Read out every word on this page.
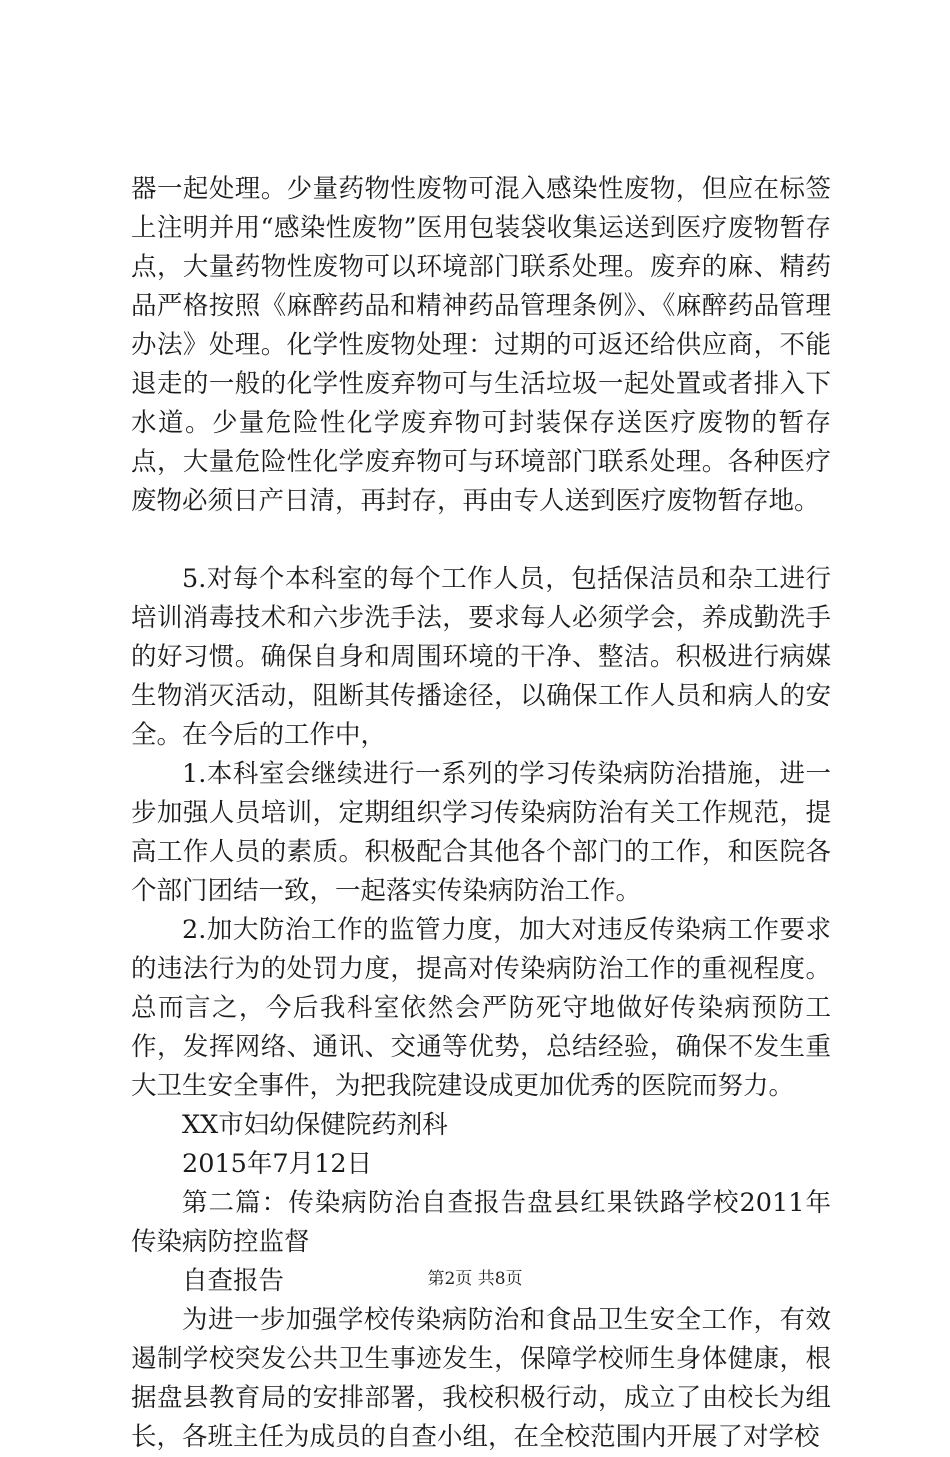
器一起处理。少量药物性废物可混入感染性废物，但应在标签上注明并用“感染性废物”医用包装袋收集运送到医疗废物暂存点，大量药物性废物可以环境部门联系处理。废弃的麻、精药品严格按照《麻醉药品和精神药品管理条例》、《麻醉药品管理办法》处理。化学性废物处理：过期的可返还给供应商，不能退走的一般的化学性废弃物可与生活垃圾一起处置或者排入下水道。少量危险性化学废弃物可封装保存送医疗废物的暂存点，大量危险性化学废弃物可与环境部门联系处理。各种医疗废物必须日产日清，再封存，再由专人送到医疗废物暂存地。

5.对每个本科室的每个工作人员，包括保洁员和杂工进行培训消毒技术和六步洗手法，要求每人必须学会，养成勤洗手的好习惯。确保自身和周围环境的干净、整洁。积极进行病媒生物消灭活动，阻断其传播途径，以确保工作人员和病人的安全。在今后的工作中，

1.本科室会继续进行一系列的学习传染病防治措施，进一步加强人员培训，定期组织学习传染病防治有关工作规范，提高工作人员的素质。积极配合其他各个部门的工作，和医院各个部门团结一致，一起落实传染病防治工作。

2.加大防治工作的监管力度，加大对违反传染病工作要求的违法行为的处罚力度，提高对传染病防治工作的重视程度。总而言之，今后我科室依然会严防死守地做好传染病预防工作，发挥网络、通讯、交通等优势，总结经验，确保不发生重大卫生安全事件，为把我院建设成更加优秀的医院而努力。

XX市妇幼保健院药剂科

2015年7月12日

第二篇：传染病防治自查报告盘县红果铁路学校2011年传染病防控监督

自查报告

为进一步加强学校传染病防治和食品卫生安全工作，有效遏制学校突发公共卫生事迹发生，保障学校师生身体健康，根据盘县教育局的安排部署，我校积极行动，成立了由校长为组长，各班主任为成员的自查小组，在全校范围内开展了对学校

第2页 共8页
